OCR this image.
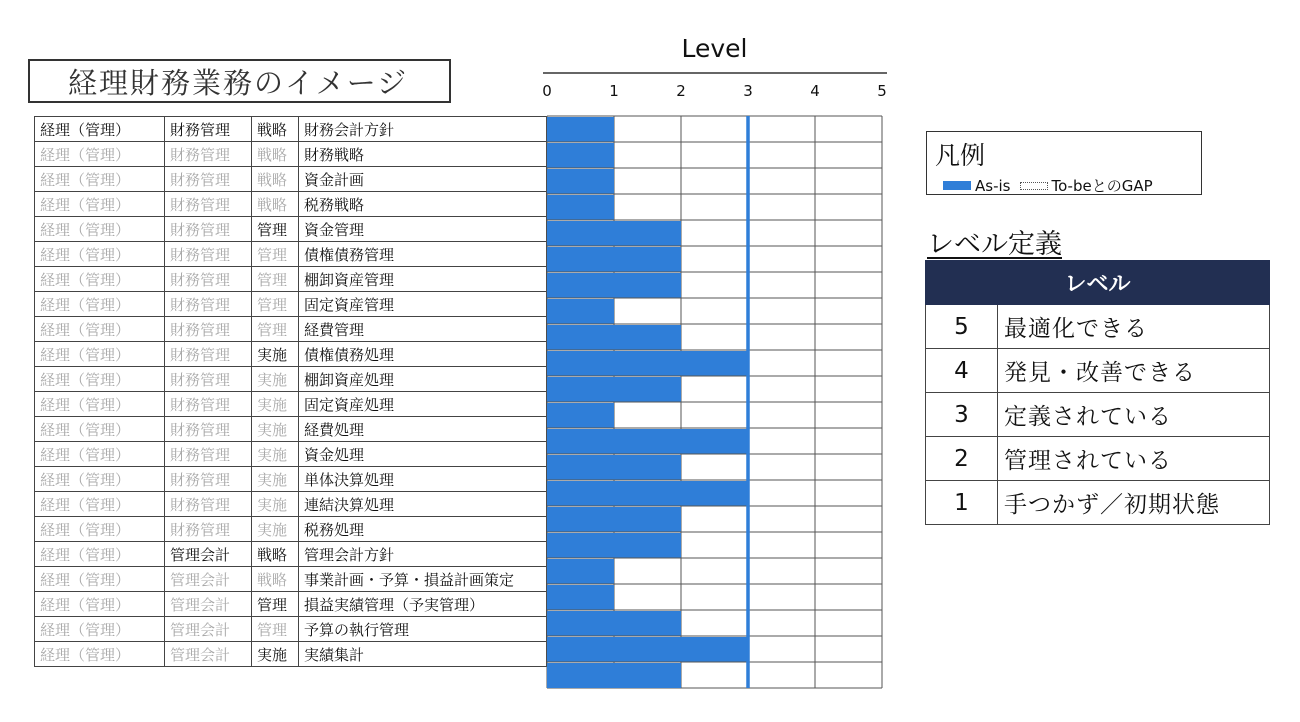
経理財務業務のイメージ
経理（管理）	財務管理	戦略	財務会計方針
経理（管理）	財務管理	戦略	財務戦略
経理（管理）	財務管理	戦略	資金計画
経理（管理）	財務管理	戦略	税務戦略
経理（管理）	財務管理	管理	資金管理
経理（管理）	財務管理	管理	債権債務管理
経理（管理）	財務管理	管理	棚卸資産管理
経理（管理）	財務管理	管理	固定資産管理
経理（管理）	財務管理	管理	経費管理
経理（管理）	財務管理	実施	債権債務処理
経理（管理）	財務管理	実施	棚卸資産処理
経理（管理）	財務管理	実施	固定資産処理
経理（管理）	財務管理	実施	経費処理
経理（管理）	財務管理	実施	資金処理
経理（管理）	財務管理	実施	単体決算処理
経理（管理）	財務管理	実施	連結決算処理
経理（管理）	財務管理	実施	税務処理
経理（管理）	管理会計	戦略	管理会計方針
経理（管理）	管理会計	戦略	事業計画・予算・損益計画策定
経理（管理）	管理会計	管理	損益実績管理（予実管理）
経理（管理）	管理会計	管理	予算の執行管理
経理（管理）	管理会計	実施	実績集計
Level
0	1	2	3	4	5
凡例
As-is	To-beとのGAP
レベル定義
レベル	
5	最適化できる
4	発見・改善できる
3	定義されている
2	管理されている
1	手つかず／初期状態
